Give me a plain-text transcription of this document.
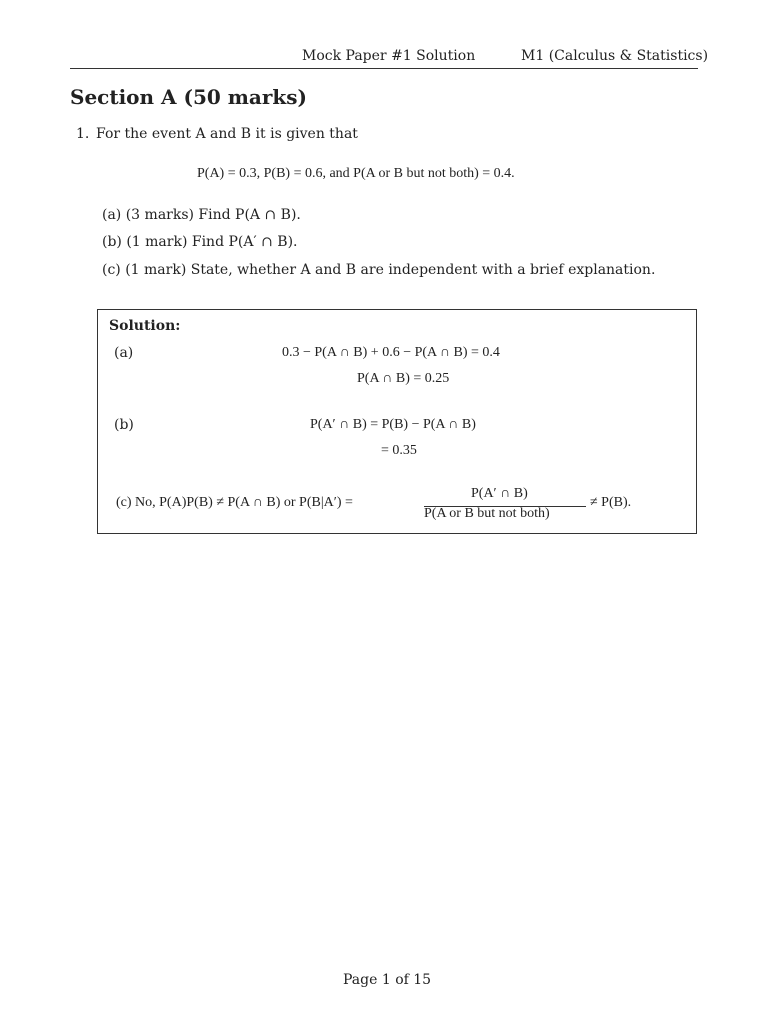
Mock Paper #1 Solution	M1 (Calculus & Statistics)
Section A (50 marks)
1. For the event A and B it is given that
P(A) = 0.3, P(B) = 0.6, and P(A or B but not both) = 0.4.
(a) (3 marks) Find P(A ∩ B).
(b) (1 mark) Find P(A′ ∩ B).
(c) (1 mark) State, whether A and B are independent with a brief explanation.
Solution:
(a)	0.3 − P(A ∩ B) + 0.6 − P(A ∩ B) = 0.4
P(A ∩ B) = 0.25
(b)	P(A′ ∩ B) = P(B) − P(A ∩ B)
= 0.35
(c) No, P(A)P(B) ≠ P(A ∩ B) or P(B|A′) =
P(A′ ∩ B)
P(A or B but not both)
≠ P(B).
Page 1 of 15
